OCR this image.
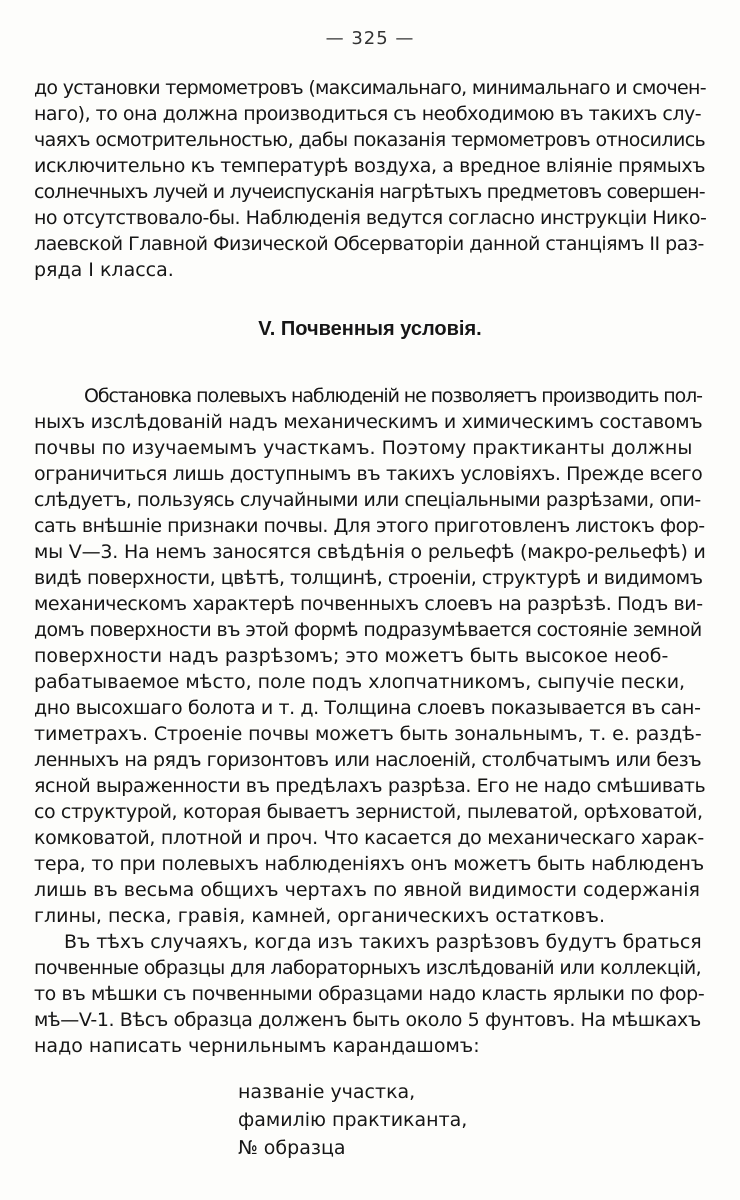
— 325 —
до установки термометровъ (максимальнаго, минимальнаго и смочен-
наго), то она должна производиться съ необходимою въ такихъ слу-
чаяхъ осмотрительностью, дабы показанія термометровъ относились
исключительно къ температурѣ воздуха, а вредное вліяніе прямыхъ
солнечныхъ лучей и лучеиспусканія нагрѣтыхъ предметовъ совершен-
но отсутствовало-бы. Наблюденія ведутся согласно инструкціи Нико-
лаевской Главной Физической Обсерваторіи данной станціямъ II раз-
ряда I класса.
V. Почвенныя условія.
Обстановка полевыхъ наблюденій не позволяетъ производить пол-
ныхъ изслѣдованій надъ механическимъ и химическимъ составомъ
почвы по изучаемымъ участкамъ. Поэтому практиканты должны
ограничиться лишь доступнымъ въ такихъ условіяхъ. Прежде всего
слѣдуетъ, пользуясь случайными или спеціальными разрѣзами, опи-
сать внѣшніе признаки почвы. Для этого приготовленъ листокъ фор-
мы V—3. На немъ заносятся свѣдѣнія о рельефѣ (макро-рельефѣ) и
видѣ поверхности, цвѣтѣ, толщинѣ, строеніи, структурѣ и видимомъ
механическомъ характерѣ почвенныхъ слоевъ на разрѣзѣ. Подъ ви-
домъ поверхности въ этой формѣ подразумѣвается состояніе земной
поверхности надъ разрѣзомъ; это можетъ быть высокое необ-
рабатываемое мѣсто, поле подъ хлопчатникомъ, сыпучіе пески,
дно высохшаго болота и т. д. Толщина слоевъ показывается въ сан-
тиметрахъ. Строеніе почвы можетъ быть зональнымъ, т. е. раздѣ-
ленныхъ на рядъ горизонтовъ или наслоеній, столбчатымъ или безъ
ясной выраженности въ предѣлахъ разрѣза. Его не надо смѣшивать
со структурой, которая бываетъ зернистой, пылеватой, орѣховатой,
комковатой, плотной и проч. Что касается до механическаго харак-
тера, то при полевыхъ наблюденіяхъ онъ можетъ быть наблюденъ
лишь въ весьма общихъ чертахъ по явной видимости содержанія
глины, песка, гравія, камней, органическихъ остатковъ.
Въ тѣхъ случаяхъ, когда изъ такихъ разрѣзовъ будутъ браться
почвенные образцы для лабораторныхъ изслѣдованій или коллекцій,
то въ мѣшки съ почвенными образцами надо класть ярлыки по фор-
мѣ—V-1. Вѣсъ образца долженъ быть около 5 фунтовъ. На мѣшкахъ
надо написать чернильнымъ карандашомъ:
названіе участка,
фамилію практиканта,
№ образца
